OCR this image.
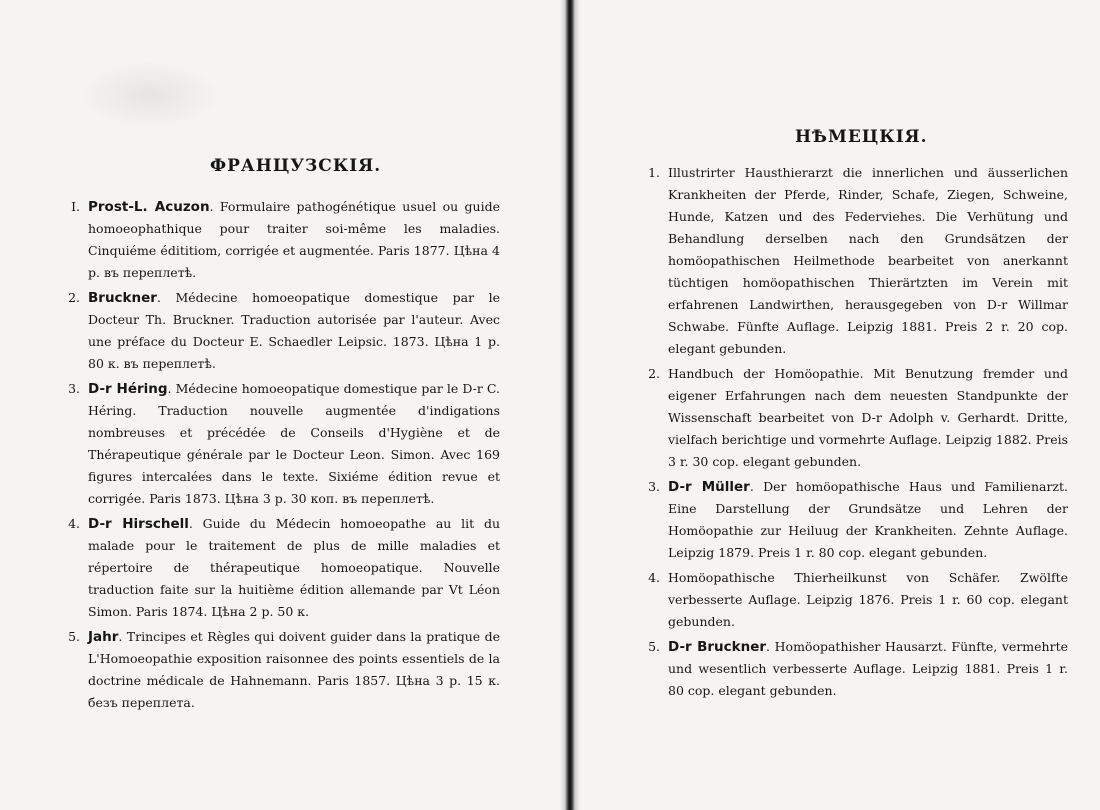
ФРАНЦУЗСКІЯ.

I. Prost-L. Acuzon. Formulaire pathogénétique usuel ou guide homoeophathique pour traiter soi-même les maladies. Cinquiéme édititiom, corrigée et augmentée. Paris 1877. Цѣна 4 р. въ переплетѣ.

2. Bruckner. Médecine homoeopatique domestique par le Docteur Th. Bruckner. Traduction autorisée par l'auteur. Avec une préface du Docteur E. Schaedler Leipsic. 1873. Цѣна 1 р. 80 к. въ переплетѣ.

3. D-r Héring. Médecine homoeopatique domestique par le D-r C. Héring. Traduction nouvelle augmentée d'indigations nombreuses et précédée de Conseils d'Hygiène et de Thérapeutique générale par le Docteur Leon. Simon. Avec 169 figures intercalées dans le texte. Sixiéme édition revue et corrigée. Paris 1873. Цѣна 3 р. 30 коп. въ переплетѣ.

4. D-r Hirschell. Guide du Médecin homoeopathe au lit du malade pour le traitement de plus de mille maladies et répertoire de thérapeutique homoeopatique. Nouvelle traduction faite sur la huitième édition allemande par Vt Léon Simon. Paris 1874. Цѣна 2 р. 50 к.

5. Jahr. Trincipes et Règles qui doivent guider dans la pratique de L'Homoeopathie exposition raisonnee des points essentiels de la doctrine médicale de Hahnemann. Paris 1857. Цѣна 3 р. 15 к. безъ переплета.

НѢМЕЦКІЯ.

1. Illustrirter Hausthierarzt die innerlichen und äusserlichen Krankheiten der Pferde, Rinder, Schafe, Ziegen, Schweine, Hunde, Katzen und des Federviehes. Die Verhütung und Behandlung derselben nach den Grundsätzen der homöopathischen Heilmethode bearbeitet von anerkannt tüchtigen homöopathischen Thierärtzten im Verein mit erfahrenen Landwirthen, herausgegeben von D-r Willmar Schwabe. Fünfte Auflage. Leipzig 1881. Preis 2 r. 20 cop. elegant gebunden.

2. Handbuch der Homöopathie. Mit Benutzung fremder und eigener Erfahrungen nach dem neuesten Standpunkte der Wissenschaft bearbeitet von D-r Adolph v. Gerhardt. Dritte, vielfach berichtige und vormehrte Auflage. Leipzig 1882. Preis 3 r. 30 cop. elegant gebunden.

3. D-r Müller. Der homöopathische Haus und Familienarzt. Eine Darstellung der Grundsätze und Lehren der Homöopathie zur Heiluug der Krankheiten. Zehnte Auflage. Leipzig 1879. Preis 1 r. 80 cop. elegant gebunden.

4. Homöopathische Thierheilkunst von Schäfer. Zwölfte verbesserte Auflage. Leipzig 1876. Preis 1 r. 60 cop. elegant gebunden.

5. D-r Bruckner. Homöopathisher Hausarzt. Fünfte, vermehrte und wesentlich verbesserte Auflage. Leipzig 1881. Preis 1 r. 80 cop. elegant gebunden.
